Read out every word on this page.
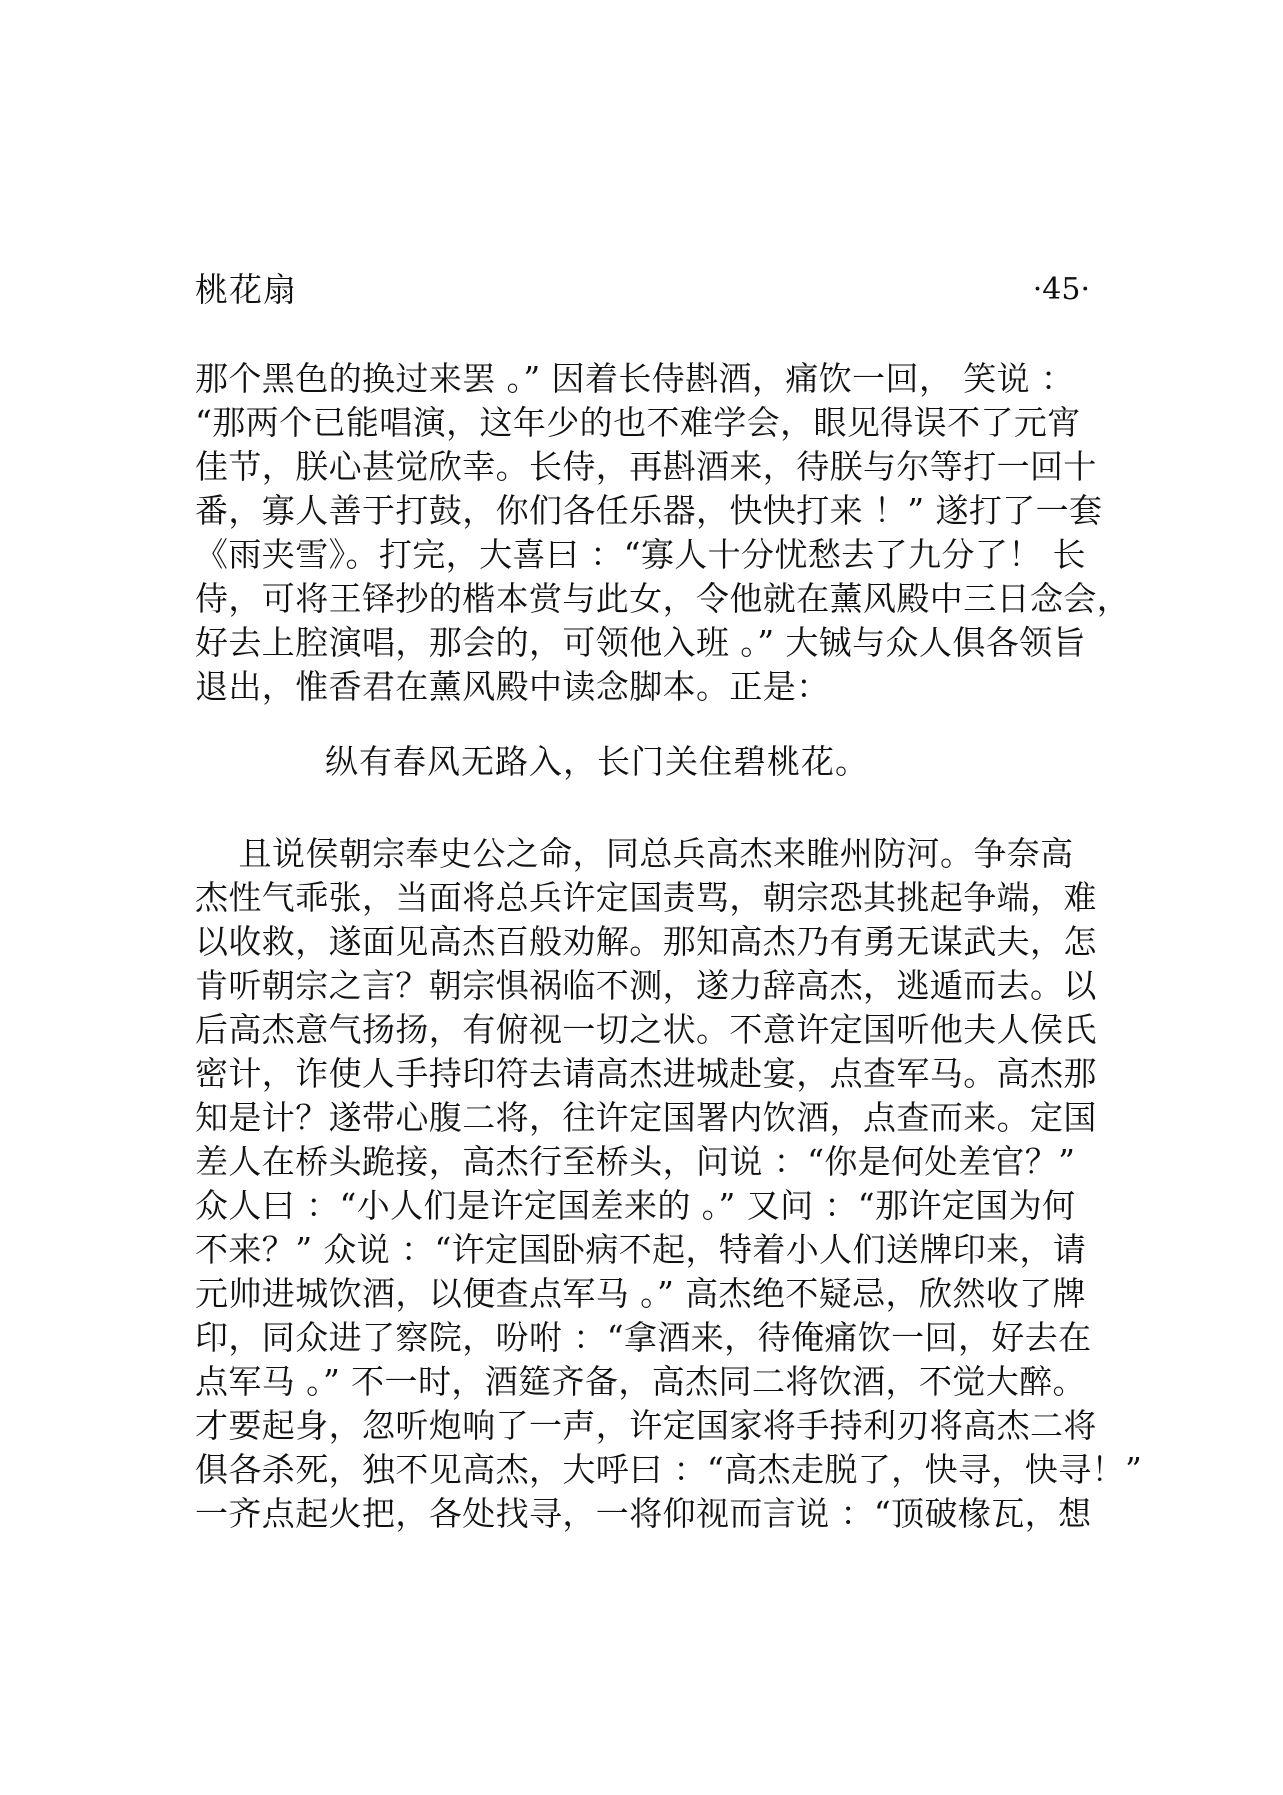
桃花扇	·45·
那个黑色的换过来罢 。” 因着长侍斟酒，痛饮一回， 笑说 ：
“那两个已能唱演，这年少的也不难学会，眼见得误不了元宵
佳节，朕心甚觉欣幸。长侍，再斟酒来，待朕与尔等打一回十
番，寡人善于打鼓，你们各任乐器，快快打来 ！” 遂打了一套
《雨夹雪》。打完，大喜曰 ：“寡人十分忧愁去了九分了！ 长
侍，可将王铎抄的楷本赏与此女，令他就在薰风殿中三日念会，
好去上腔演唱，那会的，可领他入班 。” 大铖与众人俱各领旨
退出，惟香君在薰风殿中读念脚本。正是：
纵有春风无路入，长门关住碧桃花。
且说侯朝宗奉史公之命，同总兵高杰来睢州防河。争奈高
杰性气乖张，当面将总兵许定国责骂，朝宗恐其挑起争端，难
以收救，遂面见高杰百般劝解。那知高杰乃有勇无谋武夫，怎
肯听朝宗之言？朝宗惧祸临不测，遂力辞高杰，逃遁而去。以
后高杰意气扬扬，有俯视一切之状。不意许定国听他夫人侯氏
密计，诈使人手持印符去请高杰进城赴宴，点查军马。高杰那
知是计？遂带心腹二将，往许定国署内饮酒，点查而来。定国
差人在桥头跪接，高杰行至桥头，问说 ：“你是何处差官？”
众人曰 ：“小人们是许定国差来的 。” 又问 ：“那许定国为何
不来？” 众说 ：“许定国卧病不起，特着小人们送牌印来，请
元帅进城饮酒，以便查点军马 。” 高杰绝不疑忌，欣然收了牌
印，同众进了察院，吩咐 ：“拿酒来，待俺痛饮一回，好去在
点军马 。” 不一时，酒筵齐备，高杰同二将饮酒，不觉大醉。
才要起身，忽听炮响了一声，许定国家将手持利刃将高杰二将
俱各杀死，独不见高杰，大呼曰 ：“高杰走脱了，快寻，快寻！”
一齐点起火把，各处找寻，一将仰视而言说 ：“顶破椽瓦，想
